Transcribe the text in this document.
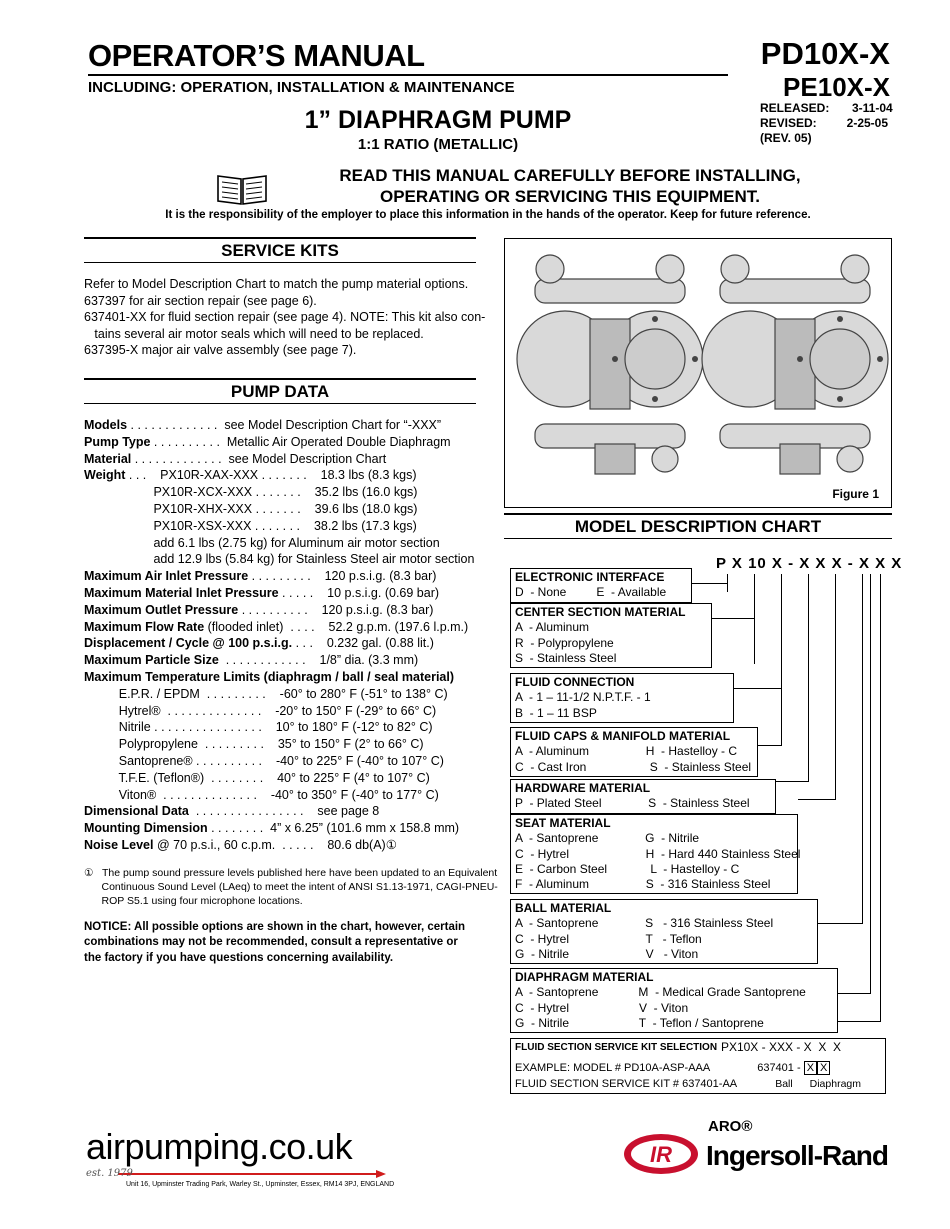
OPERATOR’S MANUAL
INCLUDING: OPERATION, INSTALLATION & MAINTENANCE
PD10X-X
PE10X-X
RELEASED: 3-11-04
REVISED: 2-25-05
(REV. 05)
1” DIAPHRAGM PUMP
1:1 RATIO (METALLIC)
READ THIS MANUAL CAREFULLY BEFORE INSTALLING,
OPERATING OR SERVICING THIS EQUIPMENT.
It is the responsibility of the employer to place this information in the hands of the operator. Keep for future reference.
SERVICE KITS
Refer to Model Description Chart to match the pump material options.
637397 for air section repair (see page 6).
637401-XX for fluid section repair (see page 4). NOTE: This kit also con-
tains several air motor seals which will need to be replaced.
637395-X major air valve assembly (see page 7).
PUMP DATA
Models . . . . . . . . . . . . .  see Model Description Chart for “-XXX”
Pump Type . . . . . . . . . .  Metallic Air Operated Double Diaphragm
Material . . . . . . . . . . . . .  see Model Description Chart
Weight . . .    PX10R-XAX-XXX . . . . . . .    18.3 lbs (8.3 kgs)
PX10R-XCX-XXX . . . . . . .    35.2 lbs (16.0 kgs)
PX10R-XHX-XXX . . . . . . .    39.6 lbs (18.0 kgs)
PX10R-XSX-XXX . . . . . . .    38.2 lbs (17.3 kgs)
add 6.1 lbs (2.75 kg) for Aluminum air motor section
add 12.9 lbs (5.84 kg) for Stainless Steel air motor section
Maximum Air Inlet Pressure . . . . . . . . .    120 p.s.i.g. (8.3 bar)
Maximum Material Inlet Pressure . . . . .    10 p.s.i.g. (0.69 bar)
Maximum Outlet Pressure . . . . . . . . . .    120 p.s.i.g. (8.3 bar)
Maximum Flow Rate (flooded inlet)  . . . .    52.2 g.p.m. (197.6 l.p.m.)
Displacement / Cycle @ 100 p.s.i.g. . . .    0.232 gal. (0.88 lit.)
Maximum Particle Size  . . . . . . . . . . . .    1/8” dia. (3.3 mm)
Maximum Temperature Limits (diaphragm / ball / seal material)
E.P.R. / EPDM  . . . . . . . . .    -60° to 280° F (-51° to 138° C)
Hytrel®  . . . . . . . . . . . . . .    -20° to 150° F (-29° to 66° C)
Nitrile . . . . . . . . . . . . . . . .    10° to 180° F (-12° to 82° C)
Polypropylene  . . . . . . . . .    35° to 150° F (2° to 66° C)
Santoprene® . . . . . . . . . .    -40° to 225° F (-40° to 107° C)
T.F.E. (Teflon®)  . . . . . . . .    40° to 225° F (4° to 107° C)
Viton®  . . . . . . . . . . . . . .    -40° to 350° F (-40° to 177° C)
Dimensional Data  . . . . . . . . . . . . . . . .    see page 8
Mounting Dimension . . . . . . . .  4” x 6.25” (101.6 mm x 158.8 mm)
Noise Level @ 70 p.s.i., 60 c.p.m.  . . . . .    80.6 db(A)①
①   The pump sound pressure levels published here have been updated to an Equivalent
Continuous Sound Level (LAeq) to meet the intent of ANSI S1.13-1971, CAGI-PNEU-
ROP S5.1 using four microphone locations.
NOTICE: All possible options are shown in the chart, however, certain combinations may not be recommended, consult a representative or the factory if you have questions concerning availability.
Figure 1
MODEL DESCRIPTION CHART
P X 10 X - X X X - X X X
ELECTRONIC INTERFACE
D  - None         E  - Available
CENTER SECTION MATERIAL
A  - Aluminum
R  - Polypropylene
S  - Stainless Steel
FLUID CONNECTION
A  - 1 – 11-1/2 N.P.T.F. - 1
B  - 1 – 11 BSP
FLUID CAPS & MANIFOLD MATERIAL
A  - Aluminum                 H  - Hastelloy - C
C  - Cast Iron                   S  - Stainless Steel
HARDWARE MATERIAL
P  - Plated Steel              S  - Stainless Steel
SEAT MATERIAL
A  - Santoprene              G  - Nitrile
C  - Hytrel                       H  - Hard 440 Stainless Steel
E  - Carbon Steel             L  - Hastelloy - C
F  - Aluminum                 S  - 316 Stainless Steel
BALL MATERIAL
A  - Santoprene              S   - 316 Stainless Steel
C  - Hytrel                       T   - Teflon
G  - Nitrile                       V   - Viton
DIAPHRAGM MATERIAL
A  - Santoprene            M  - Medical Grade Santoprene
C  - Hytrel                     V  - Viton
G  - Nitrile                     T  - Teflon / Santoprene
FLUID SECTION SERVICE KIT SELECTION PX10X - XXX - X  X  X
EXAMPLE: MODEL # PD10A-ASP-AAA
FLUID SECTION SERVICE KIT # 637401-AA
637401 - X X
Ball Diaphragm
airpumping.co.uk
est. 1979
Unit 16, Upminster Trading Park, Warley St., Upminster, Essex, RM14 3PJ, ENGLAND
ARO®
IR Ingersoll-Rand
